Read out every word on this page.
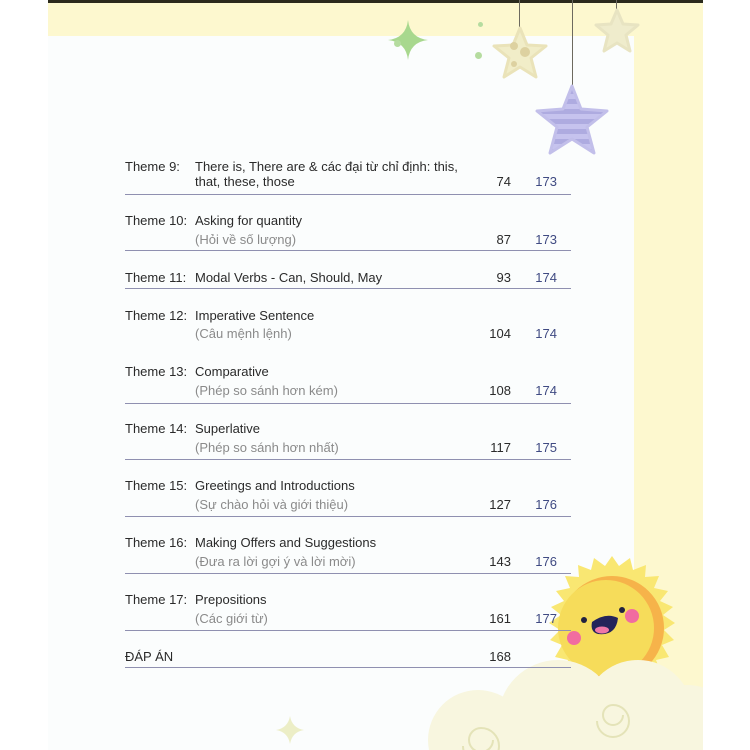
Theme 9: There is, There are & các đại từ chỉ định: this, that, these, those	74 173
Theme 10: Asking for quantity
(Hỏi về số lượng)	87 173
Theme 11: Modal Verbs - Can, Should, May	93 174
Theme 12: Imperative Sentence
(Câu mệnh lệnh)	104 174
Theme 13: Comparative
(Phép so sánh hơn kém)	108 174
Theme 14: Superlative
(Phép so sánh hơn nhất)	117 175
Theme 15: Greetings and Introductions
(Sự chào hỏi và giới thiệu)	127 176
Theme 16: Making Offers and Suggestions
(Đưa ra lời gợi ý và lời mời)	143 176
Theme 17: Prepositions
(Các giới từ)	161 177
ĐÁP ÁN	168
